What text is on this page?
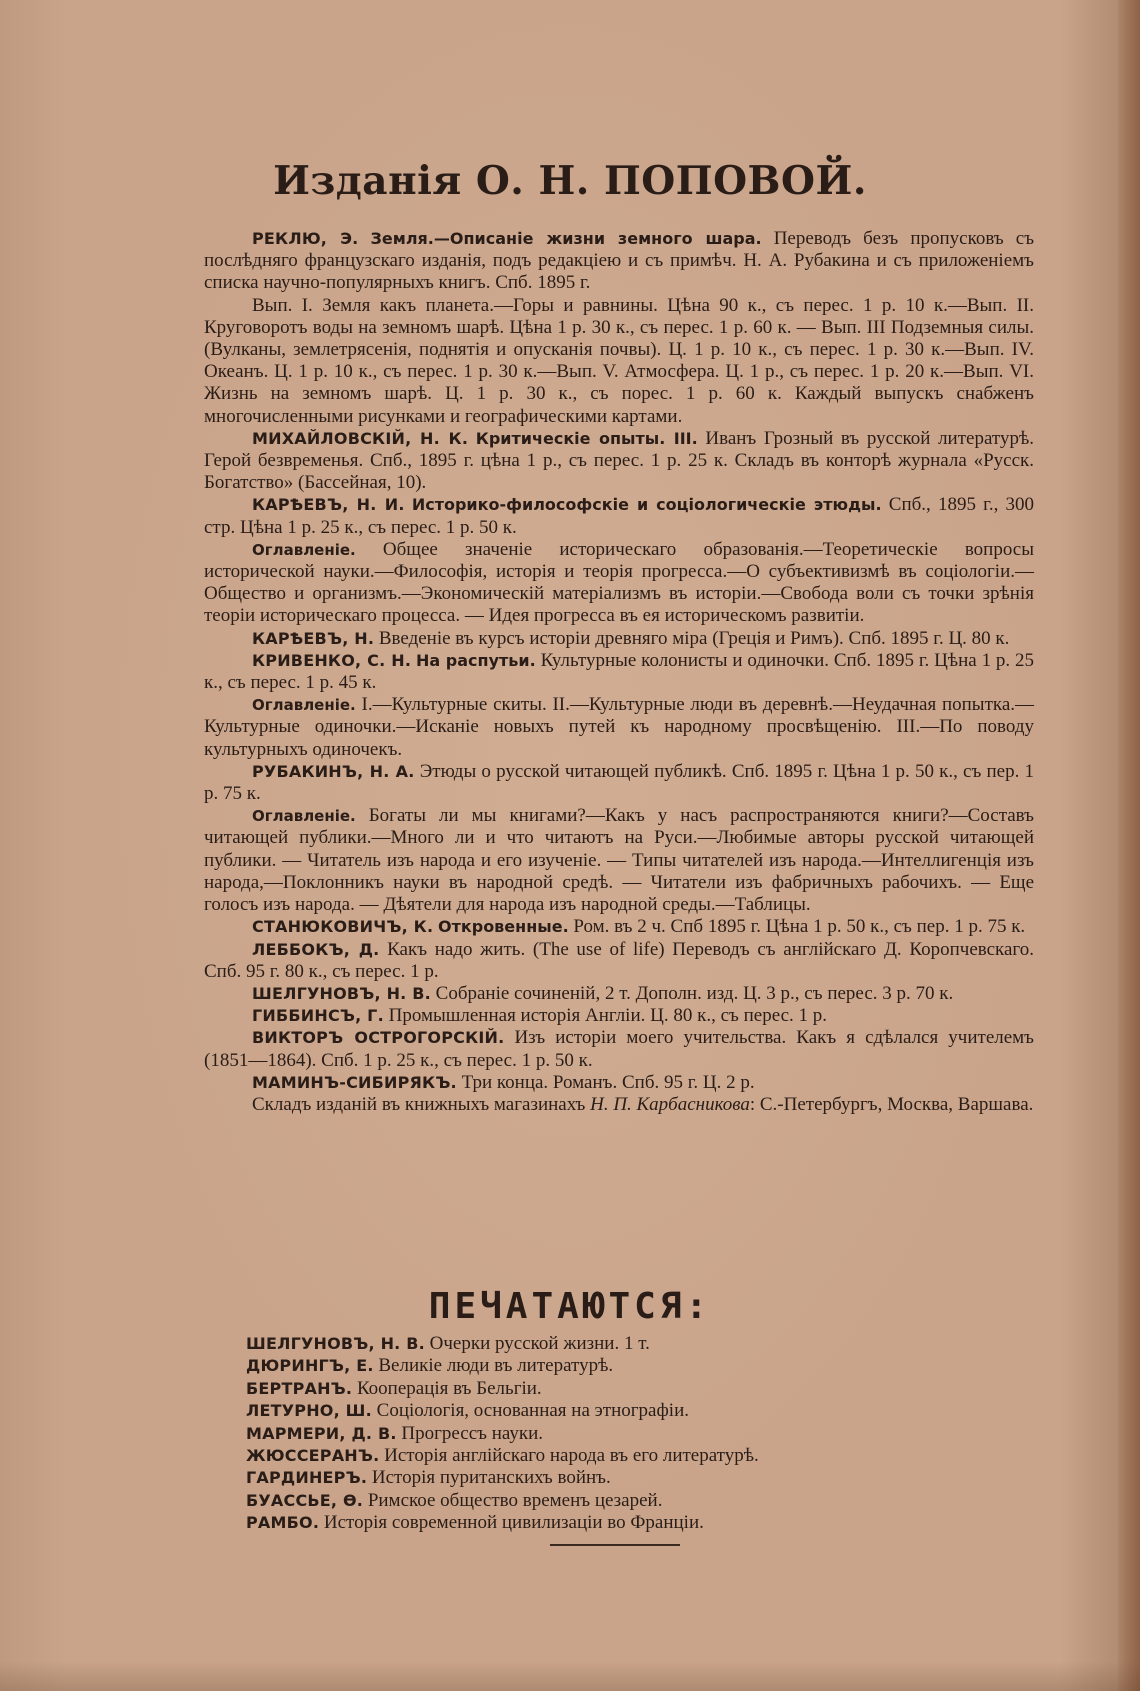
Изданія О. Н. ПОПОВОЙ.

РЕКЛЮ, Э. Земля.—Описаніе жизни земного шара. Переводъ безъ пропусковъ съ послѣдняго французскаго изданія, подъ редакціею и съ примѣч. Н. А. Рубакина и съ приложеніемъ списка научно-популярныхъ книгъ. Спб. 1895 г.

Вып. I. Земля какъ планета.—Горы и равнины. Цѣна 90 к., съ перес. 1 р. 10 к.—Вып. II. Круговоротъ воды на земномъ шарѣ. Цѣна 1 р. 30 к., съ перес. 1 р. 60 к. — Вып. III Подземныя силы. (Вулканы, землетрясенія, поднятія и опусканія почвы). Ц. 1 р. 10 к., съ перес. 1 р. 30 к.—Вып. IV. Океанъ. Ц. 1 р. 10 к., съ перес. 1 р. 30 к.—Вып. V. Атмосфера. Ц. 1 р., съ перес. 1 р. 20 к.—Вып. VI. Жизнь на земномъ шарѣ. Ц. 1 р. 30 к., съ порес. 1 р. 60 к. Каждый выпускъ снабженъ многочисленными рисунками и географическими картами.

МИХАЙЛОВСКІЙ, Н. К. Критическіе опыты. III. Иванъ Грозный въ русской литературѣ. Герой безвременья. Спб., 1895 г. цѣна 1 р., съ перес. 1 р. 25 к. Складъ въ конторѣ журнала «Русск. Богатство» (Бассейная, 10).

КАРѢЕВЪ, Н. И. Историко-философскіе и соціологическіе этюды. Спб., 1895 г., 300 стр. Цѣна 1 р. 25 к., съ перес. 1 р. 50 к.

Оглавленіе. Общее значеніе историческаго образованія.—Теоретическіе вопросы исторической науки.—Философія, исторія и теорія прогресса.—О субъективизмѣ въ соціологіи.—Общество и организмъ.—Экономическій матеріализмъ въ исторіи.—Свобода воли съ точки зрѣнія теоріи историческаго процесса. — Идея прогресса въ ея историческомъ развитіи.

КАРѢЕВЪ, Н. Введеніе въ курсъ исторіи древняго міра (Греція и Римъ). Спб. 1895 г. Ц. 80 к.

КРИВЕНКО, С. Н. На распутьи. Культурные колонисты и одиночки. Спб. 1895 г. Цѣна 1 р. 25 к., съ перес. 1 р. 45 к.

Оглавленіе. I.—Культурные скиты. II.—Культурные люди въ деревнѣ.—Неудачная попытка.—Культурные одиночки.—Исканіе новыхъ путей къ народному просвѣщенію. III.—По поводу культурныхъ одиночекъ.

РУБАКИНЪ, Н. А. Этюды о русской читающей публикѣ. Спб. 1895 г. Цѣна 1 р. 50 к., съ пер. 1 р. 75 к.

Оглавленіе. Богаты ли мы книгами?—Какъ у насъ распространяются книги?—Составъ читающей публики.—Много ли и что читаютъ на Руси.—Любимые авторы русской читающей публики. — Читатель изъ народа и его изученіе. — Типы читателей изъ народа.—Интеллигенція изъ народа,—Поклонникъ науки въ народной средѣ. — Читатели изъ фабричныхъ рабочихъ. — Еще голосъ изъ народа. — Дѣятели для народа изъ народной среды.—Таблицы.

СТАНЮКОВИЧЪ, К. Откровенные. Ром. въ 2 ч. Спб 1895 г. Цѣна 1 р. 50 к., съ пер. 1 р. 75 к.

ЛЕББОКЪ, Д. Какъ надо жить. (The use of life) Переводъ съ англійскаго Д. Коропчевскаго. Спб. 95 г. 80 к., съ перес. 1 р.

ШЕЛГУНОВЪ, Н. В. Собраніе сочиненій, 2 т. Дополн. изд. Ц. 3 р., съ перес. 3 р. 70 к.

ГИББИНСЪ, Г. Промышленная исторія Англіи. Ц. 80 к., съ перес. 1 р.

ВИКТОРЪ ОСТРОГОРСКІЙ. Изъ исторіи моего учительства. Какъ я сдѣлался учителемъ (1851—1864). Спб. 1 р. 25 к., съ перес. 1 р. 50 к.

МАМИНЪ-СИБИРЯКЪ. Три конца. Романъ. Спб. 95 г. Ц. 2 р.

Складъ изданій въ книжныхъ магазинахъ Н. П. Карбасникова: С.-Петербургъ, Москва, Варшава.

ПЕЧАТАЮТСЯ:
ШЕЛГУНОВЪ, Н. В. Очерки русской жизни. 1 т.
ДЮРИНГЪ, Е. Великіе люди въ литературѣ.
БЕРТРАНЪ. Кооперація въ Бельгіи.
ЛЕТУРНО, Ш. Соціологія, основанная на этнографіи.
МАРМЕРИ, Д. В. Прогрессъ науки.
ЖЮССЕРАНЪ. Исторія англійскаго народа въ его литературѣ.
ГАРДИНЕРЪ. Исторія пуританскихъ войнъ.
БУАССЬЕ, Ѳ. Римское общество временъ цезарей.
РАМБО. Исторія современной цивилизаціи во Франціи.
